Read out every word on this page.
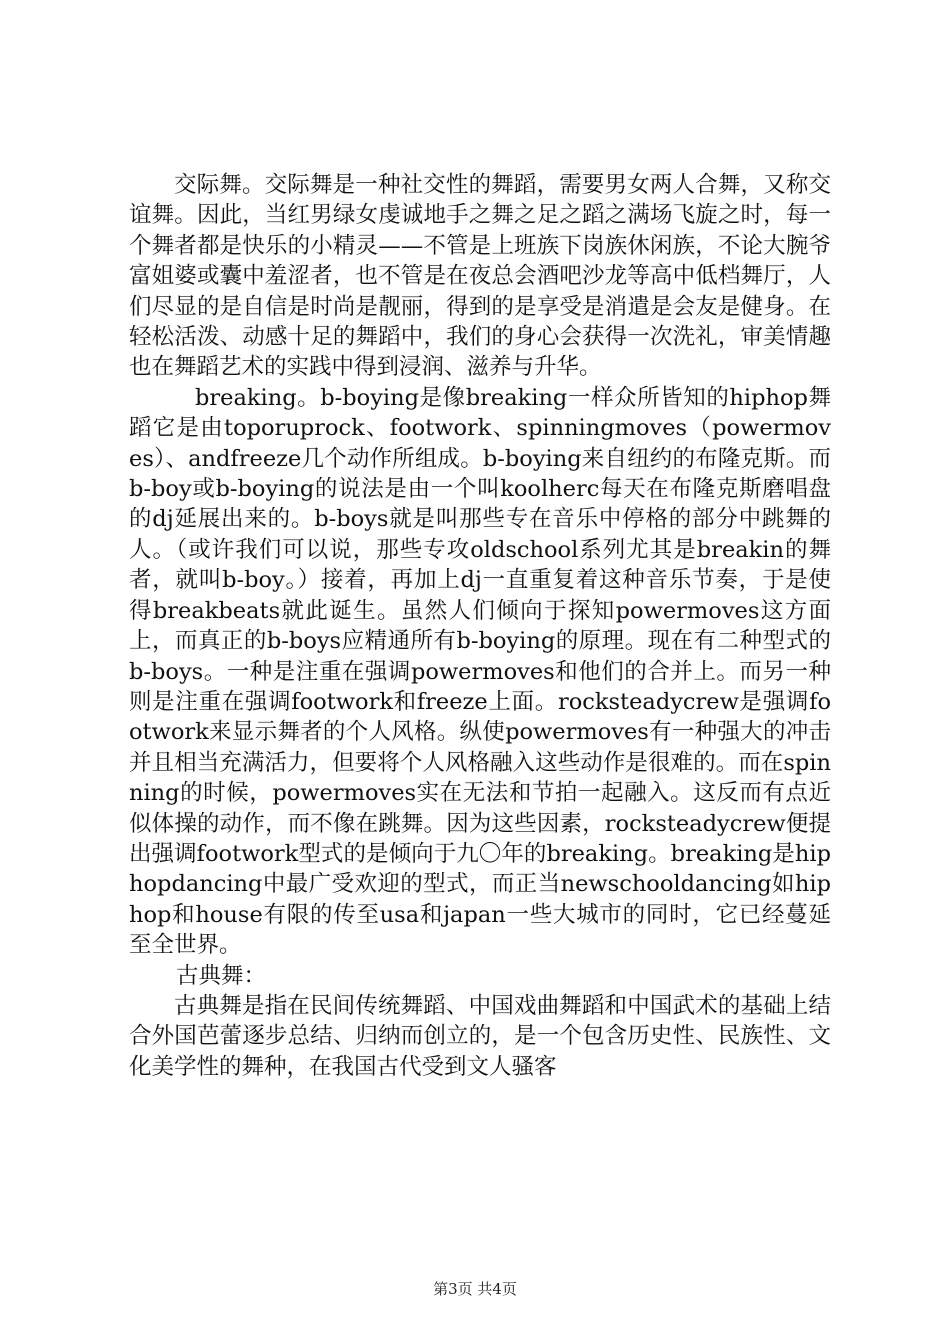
交际舞。交际舞是一种社交性的舞蹈，需要男女两人合舞，又称交谊舞。因此，当红男绿女虔诚地手之舞之足之蹈之满场飞旋之时，每一个舞者都是快乐的小精灵——不管是上班族下岗族休闲族，不论大腕爷富姐婆或囊中羞涩者，也不管是在夜总会酒吧沙龙等高中低档舞厅，人们尽显的是自信是时尚是靓丽，得到的是享受是消遣是会友是健身。在轻松活泼、动感十足的舞蹈中，我们的身心会获得一次洗礼，审美情趣也在舞蹈艺术的实践中得到浸润、滋养与升华。

breaking。b-boying是像breaking一样众所皆知的hiphop舞蹈它是由toporuprock、footwork、spinningmoves（powermoves）、andfreeze几个动作所组成。b-boying来自纽约的布隆克斯。而b-boy或b-boying的说法是由一个叫koolherc每天在布隆克斯磨唱盘的dj延展出来的。b-boys就是叫那些专在音乐中停格的部分中跳舞的人。（或许我们可以说，那些专攻oldschool系列尤其是breakin的舞者，就叫b-boy。）接着，再加上dj一直重复着这种音乐节奏，于是使得breakbeats就此诞生。虽然人们倾向于探知powermoves这方面上，而真正的b-boys应精通所有b-boying的原理。现在有二种型式的b-boys。一种是注重在强调powermoves和他们的合并上。而另一种则是注重在强调footwork和freeze上面。rocksteadycrew是强调footwork来显示舞者的个人风格。纵使powermoves有一种强大的冲击并且相当充满活力，但要将个人风格融入这些动作是很难的。而在spinning的时候，powermoves实在无法和节拍一起融入。这反而有点近似体操的动作，而不像在跳舞。因为这些因素，rocksteadycrew便提出强调footwork型式的是倾向于九〇年的breaking。breaking是hiphopdancing中最广受欢迎的型式，而正当newschooldancing如hiphop和house有限的传至usa和japan一些大城市的同时，它已经蔓延至全世界。

古典舞：

古典舞是指在民间传统舞蹈、中国戏曲舞蹈和中国武术的基础上结合外国芭蕾逐步总结、归纳而创立的，是一个包含历史性、民族性、文化美学性的舞种，在我国古代受到文人骚客

第3页 共4页
